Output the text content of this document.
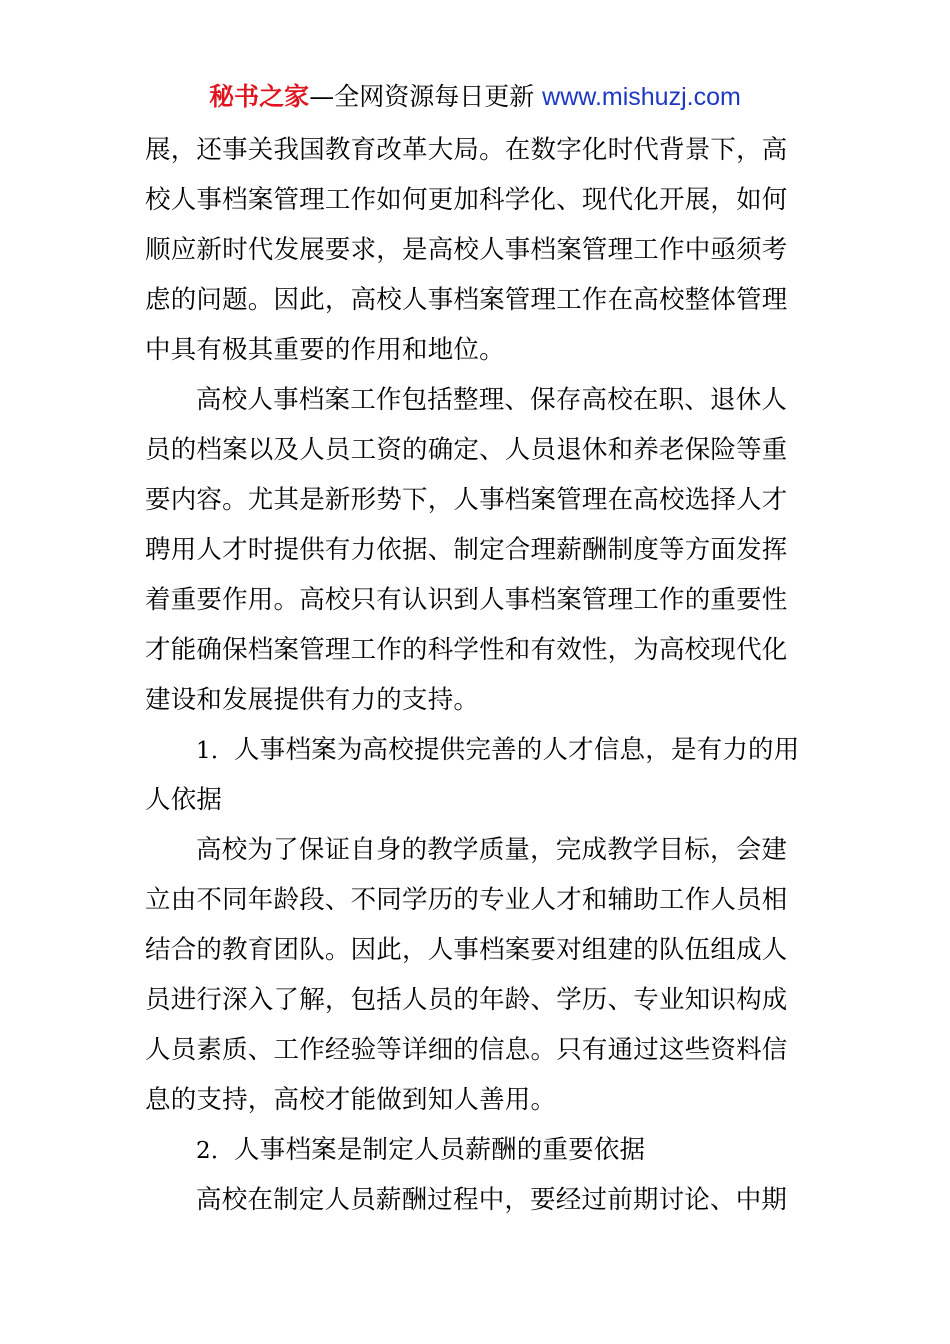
秘书之家—全网资源每日更新 www.mishuzj.com
展，还事关我国教育改革大局。在数字化时代背景下，高
校人事档案管理工作如何更加科学化、现代化开展，如何
顺应新时代发展要求，是高校人事档案管理工作中亟须考
虑的问题。因此，高校人事档案管理工作在高校整体管理
中具有极其重要的作用和地位。
高校人事档案工作包括整理、保存高校在职、退休人
员的档案以及人员工资的确定、人员退休和养老保险等重
要内容。尤其是新形势下，人事档案管理在高校选择人才
聘用人才时提供有力依据、制定合理薪酬制度等方面发挥
着重要作用。高校只有认识到人事档案管理工作的重要性
才能确保档案管理工作的科学性和有效性，为高校现代化
建设和发展提供有力的支持。
1．人事档案为高校提供完善的人才信息，是有力的用
人依据
高校为了保证自身的教学质量，完成教学目标，会建
立由不同年龄段、不同学历的专业人才和辅助工作人员相
结合的教育团队。因此，人事档案要对组建的队伍组成人
员进行深入了解，包括人员的年龄、学历、专业知识构成
人员素质、工作经验等详细的信息。只有通过这些资料信
息的支持，高校才能做到知人善用。
2．人事档案是制定人员薪酬的重要依据
高校在制定人员薪酬过程中，要经过前期讨论、中期
